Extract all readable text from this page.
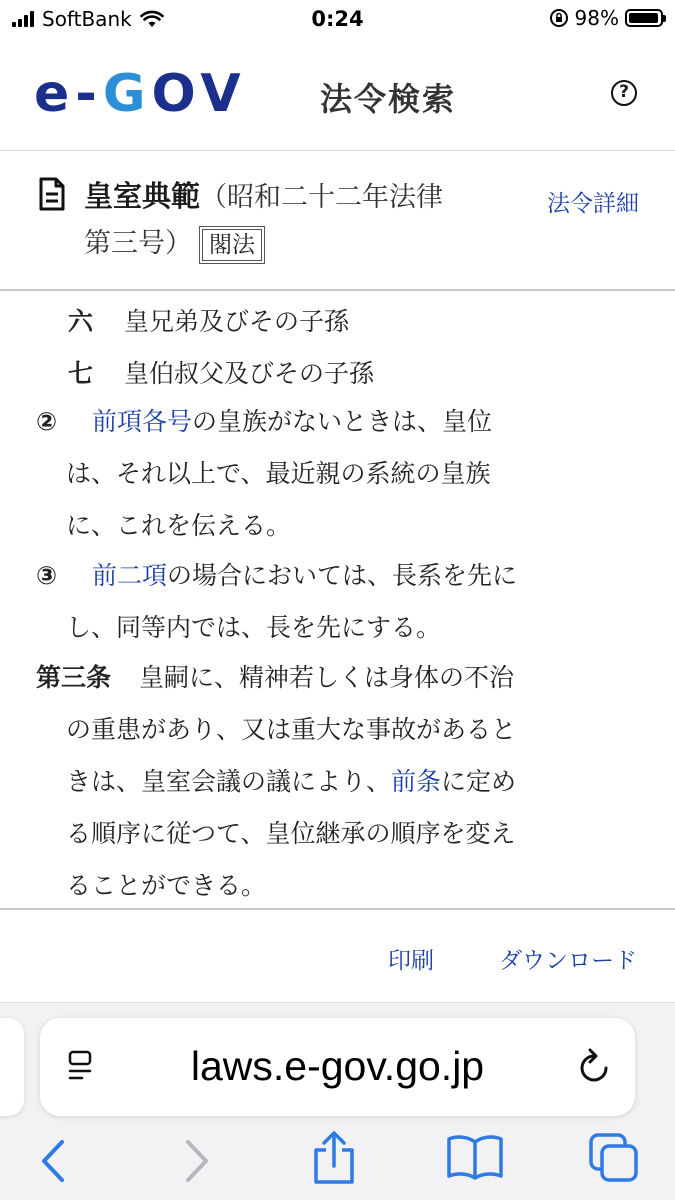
SoftBank	0:24	98%
e-GOV 法令検索	?
皇室典範（昭和二十二年法律
第三号） 閣法
法令詳細
六 皇兄弟及びその子孫
七 皇伯叔父及びその子孫
② 前項各号の皇族がないときは、皇位
は、それ以上で、最近親の系統の皇族
に、これを伝える。
③ 前二項の場合においては、長系を先に
し、同等内では、長を先にする。
第三条 皇嗣に、精神若しくは身体の不治
の重患があり、又は重大な事故があると
きは、皇室会議の議により、前条に定め
る順序に従つて、皇位継承の順序を変え
ることができる。
印刷	ダウンロード
laws.e-gov.go.jp
